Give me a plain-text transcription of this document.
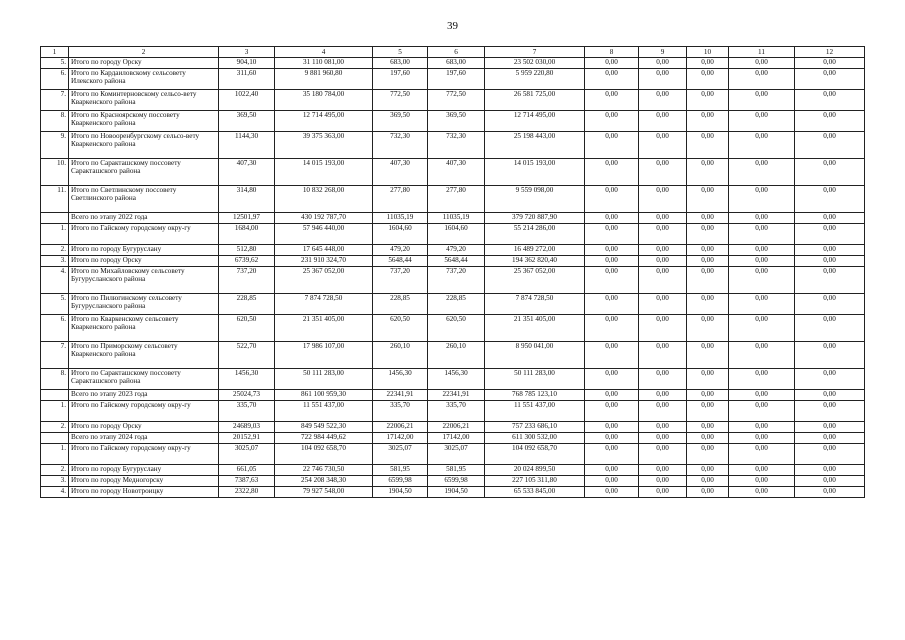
39
1	2	3	4	5	6	7	8	9	10	11	12
5.	Итого по городу Орску	904,10	31 110 081,00	683,00	683,00	23 502 030,00	0,00	0,00	0,00	0,00	0,00
6.	Итого по Кардаиловскому сельсовету Илекского района	311,60	9 881 960,80	197,60	197,60	5 959 220,80	0,00	0,00	0,00	0,00	0,00
7.	Итого по Коминтерновскому сельсо-вету Кваркенского района	1022,40	35 180 784,00	772,50	772,50	26 581 725,00	0,00	0,00	0,00	0,00	0,00
8.	Итого по Красноярскому поссовету Кваркенского района	369,50	12 714 495,00	369,50	369,50	12 714 495,00	0,00	0,00	0,00	0,00	0,00
9.	Итого по Новооренбургскому сельсо-вету Кваркенского района	1144,30	39 375 363,00	732,30	732,30	25 198 443,00	0,00	0,00	0,00	0,00	0,00
10.	Итого по Саракташскому поссовету Саракташского района	407,30	14 015 193,00	407,30	407,30	14 015 193,00	0,00	0,00	0,00	0,00	0,00
11.	Итого по Светлинскому поссовету Светлинского района	314,80	10 832 268,00	277,80	277,80	9 559 098,00	0,00	0,00	0,00	0,00	0,00
	Всего по этапу 2022 года	12501,97	430 192 787,70	11035,19	11035,19	379 720 887,90	0,00	0,00	0,00	0,00	0,00
1.	Итого по Гайскому городскому окру-гу	1684,00	57 946 440,00	1604,60	1604,60	55 214 286,00	0,00	0,00	0,00	0,00	0,00
2.	Итого по городу Бугуруслану	512,80	17 645 448,00	479,20	479,20	16 489 272,00	0,00	0,00	0,00	0,00	0,00
3.	Итого по городу Орску	6739,62	231 910 324,70	5648,44	5648,44	194 362 820,40	0,00	0,00	0,00	0,00	0,00
4.	Итого по Михайловскому сельсовету Бугурусланского района	737,20	25 367 052,00	737,20	737,20	25 367 052,00	0,00	0,00	0,00	0,00	0,00
5.	Итого по Пилюгинскому сельсовету Бугурусланского района	228,85	7 874 728,50	228,85	228,85	7 874 728,50	0,00	0,00	0,00	0,00	0,00
6.	Итого по Кваркенскому сельсовету Кваркенского района	620,50	21 351 405,00	620,50	620,50	21 351 405,00	0,00	0,00	0,00	0,00	0,00
7.	Итого по Приморскому сельсовету Кваркенского района	522,70	17 986 107,00	260,10	260,10	8 950 041,00	0,00	0,00	0,00	0,00	0,00
8.	Итого по Саракташскому поссовету Саракташского района	1456,30	50 111 283,00	1456,30	1456,30	50 111 283,00	0,00	0,00	0,00	0,00	0,00
	Всего по этапу 2023 года	25024,73	861 100 959,30	22341,91	22341,91	768 785 123,10	0,00	0,00	0,00	0,00	0,00
1.	Итого по Гайскому городскому окру-гу	335,70	11 551 437,00	335,70	335,70	11 551 437,00	0,00	0,00	0,00	0,00	0,00
2.	Итого по городу Орску	24689,03	849 549 522,30	22006,21	22006,21	757 233 686,10	0,00	0,00	0,00	0,00	0,00
	Всего по этапу 2024 года	20152,91	722 984 449,62	17142,00	17142,00	611 300 532,00	0,00	0,00	0,00	0,00	0,00
1.	Итого по Гайскому городскому окру-гу	3025,07	104 092 658,70	3025,07	3025,07	104 092 658,70	0,00	0,00	0,00	0,00	0,00
2.	Итого по городу Бугуруслану	661,05	22 746 730,50	581,95	581,95	20 024 899,50	0,00	0,00	0,00	0,00	0,00
3.	Итого по городу Медногорску	7387,63	254 208 348,30	6599,98	6599,98	227 105 311,80	0,00	0,00	0,00	0,00	0,00
4.	Итого по городу Новотроицку	2322,80	79 927 548,00	1904,50	1904,50	65 533 845,00	0,00	0,00	0,00	0,00	0,00
